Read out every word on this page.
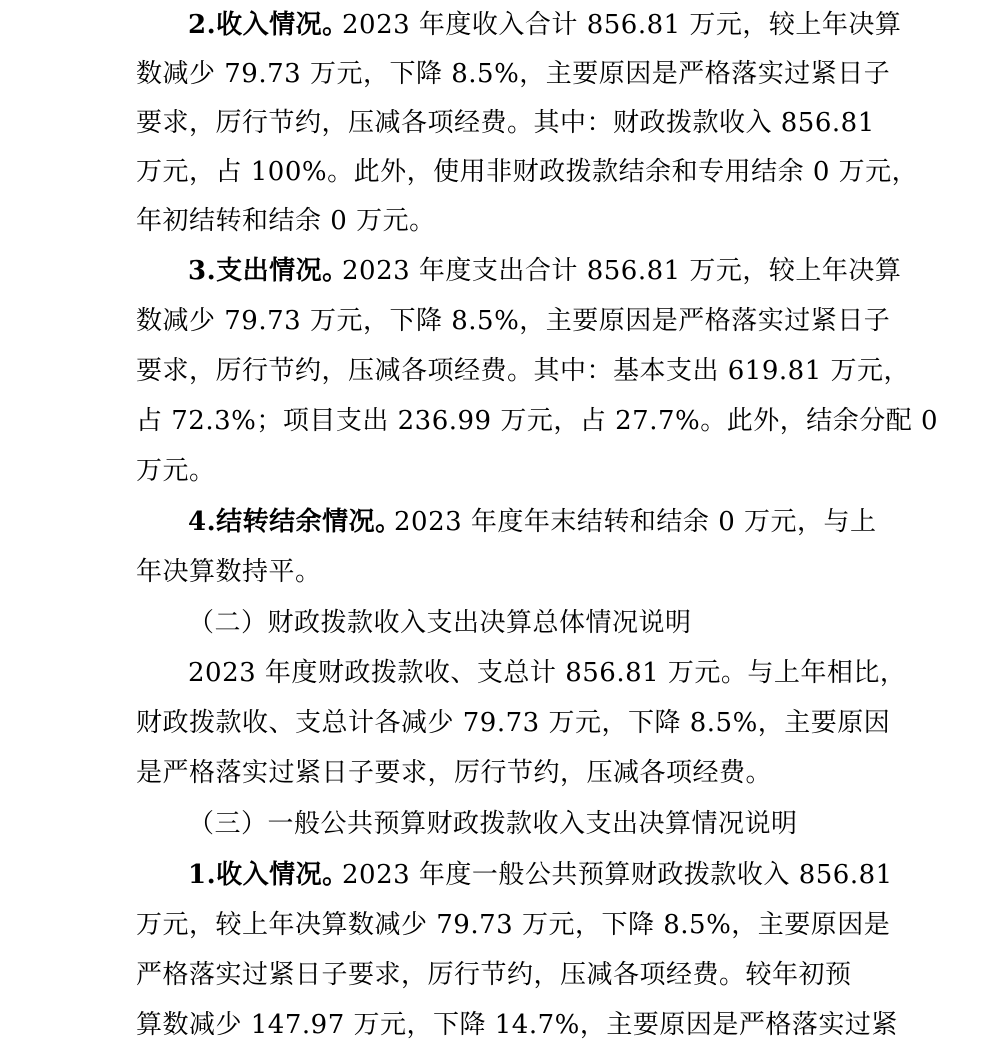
2.收入情况。
2023 年度收入合计 856.81 万元，较上年决算
数减少 79.73 万元，下降 8.5%，主要原因是严格落实过紧日子
要求，厉行节约，压减各项经费。其中：财政拨款收入 856.81
万元，占 100%。此外，使用非财政拨款结余和专用结余 0 万元，
年初结转和结余 0 万元。
3.支出情况。
2023 年度支出合计 856.81 万元，较上年决算
数减少 79.73 万元，下降 8.5%，主要原因是严格落实过紧日子
要求，厉行节约，压减各项经费。其中：基本支出 619.81 万元，
占 72.3%；项目支出 236.99 万元，占 27.7%。此外，结余分配 0
万元。
4.结转结余情况。
2023 年度年末结转和结余 0 万元，与上
年决算数持平。
（二）财政拨款收入支出决算总体情况说明
2023 年度财政拨款收、支总计 856.81 万元。与上年相比，
财政拨款收、支总计各减少 79.73 万元，下降 8.5%，主要原因
是严格落实过紧日子要求，厉行节约，压减各项经费。
（三）一般公共预算财政拨款收入支出决算情况说明
1.收入情况。
2023 年度一般公共预算财政拨款收入 856.81
万元，较上年决算数减少 79.73 万元，下降 8.5%，主要原因是
严格落实过紧日子要求，厉行节约，压减各项经费。较年初预
算数减少 147.97 万元，下降 14.7%，主要原因是严格落实过紧
